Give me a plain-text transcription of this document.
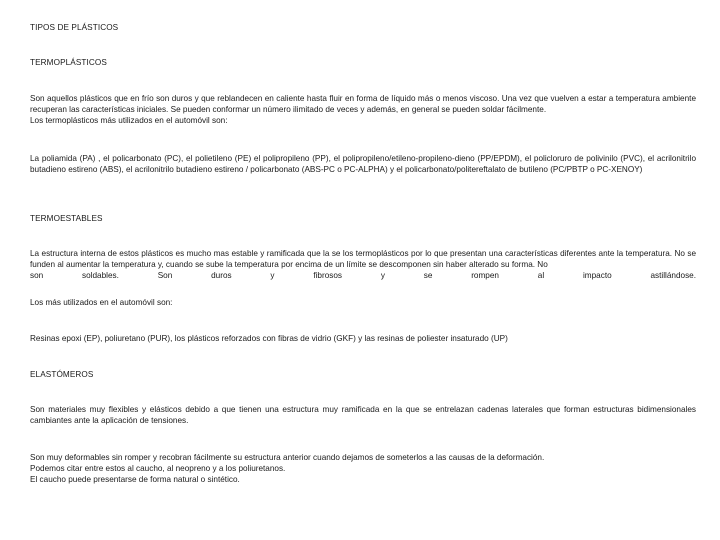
TIPOS DE PLÁSTICOS

TERMOPLÁSTICOS

Son aquellos plásticos que en frío son duros y que reblandecen en caliente hasta fluir en forma de líquido más o menos viscoso. Una vez que vuelven a estar a temperatura ambiente recuperan las características iniciales. Se pueden conformar un número ilimitado de veces y además, en general se pueden soldar fácilmente.
Los termoplásticos más utilizados en el automóvil son:

La poliamida (PA) , el policarbonato (PC), el polietileno (PE) el polipropileno (PP), el polipropileno/etileno-propileno-dieno (PP/EPDM), el policloruro de polivinilo (PVC), el acrilonitrilo butadieno estireno (ABS), el acrilonitrilo butadieno estireno / policarbonato (ABS-PC o PC-ALPHA) y el policarbonato/politereftalato de butileno (PC/PBTP o PC-XENOY)

TERMOESTABLES

La estructura interna de estos plásticos es mucho mas estable y ramificada que la se los termoplásticos por lo que presentan una características diferentes ante la temperatura. No se funden al aumentar la temperatura y, cuando se sube la temperatura por encima de un límite se descomponen sin haber alterado su forma. No
son soldables. Son duros y fibrosos y se rompen al impacto astillándose.

Los más utilizados en el automóvil son:

Resinas epoxi (EP), poliuretano (PUR), los plásticos reforzados con fibras de vidrio (GKF) y las resinas de poliester insaturado (UP)

ELASTÓMEROS

Son materiales muy flexibles y elásticos debido a que tienen una estructura muy ramificada en la que se entrelazan cadenas laterales que forman estructuras bidimensionales cambiantes ante la aplicación de tensiones.

Son muy deformables sin romper y recobran fácilmente su estructura anterior cuando dejamos de someterlos a las causas de la deformación.
Podemos citar entre estos al caucho, al neopreno y a los poliuretanos.
El caucho puede presentarse de forma natural o sintético.
